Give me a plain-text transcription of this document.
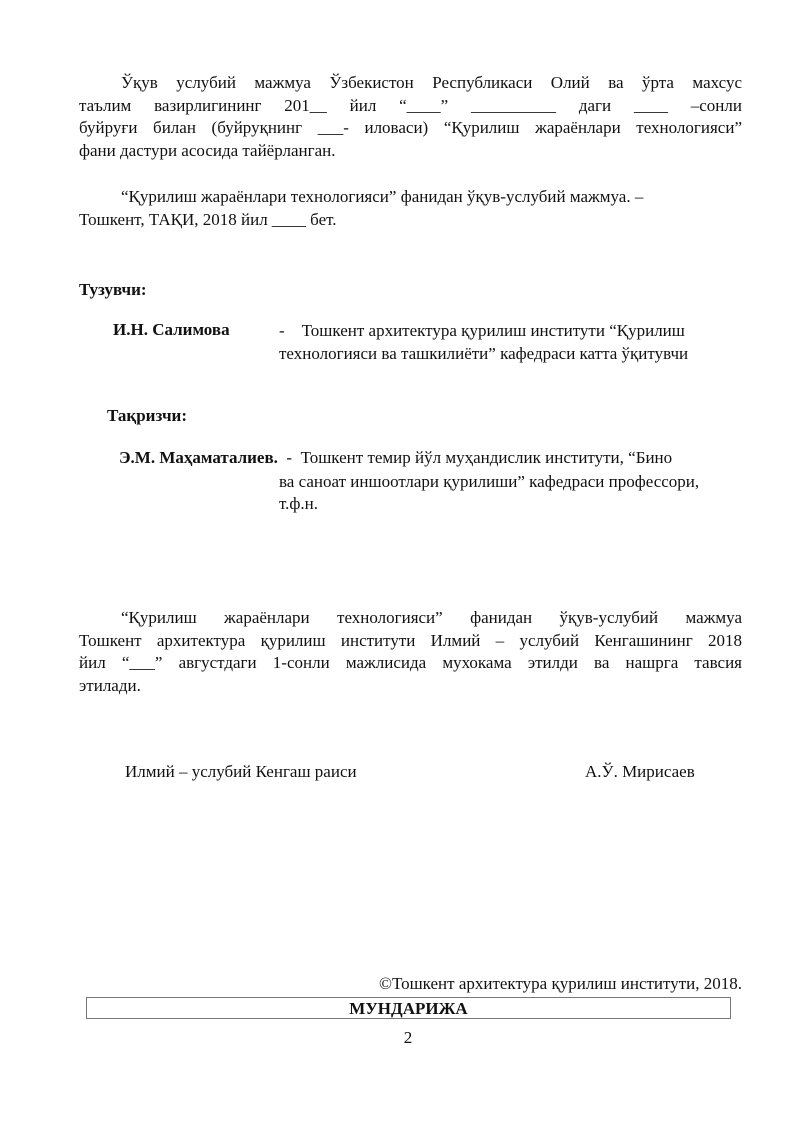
Ўқув услубий мажмуа Ўзбекистон Республикаси Олий ва ўрта махсус
таълим вазирлигининг 201__ йил “____” __________ даги ____ –сонли
буйруғи билан (буйруқнинг ___- иловаси) “Қурилиш жараёнлари технологияси”
фани дастури асосида тайёрланган.
“Қурилиш жараёнлари технологияси” фанидан ўқув-услубий мажмуа. –
Тошкент, ТАҚИ, 2018 йил ____ бет.
Тузувчи:
И.Н. Салимова	- Тошкент архитектура қурилиш институти “Қурилиш
технологияси ва ташкилиёти” кафедраси катта ўқитувчи
Тақризчи:
Э.М. Маҳаматалиев. - Тошкент темир йўл муҳандислик институти, “Бино

ва саноат иншоотлари қурилиши” кафедраси профессори,
т.ф.н.
“Қурилиш жараёнлари технологияси” фанидан ўқув-услубий мажмуа
Тошкент архитектура қурилиш институти Илмий – услубий Кенгашининг 2018
йил “___” августдаги 1-сонли мажлисида мухокама этилди ва нашрга тавсия
этилади.
Илмий – услубий Кенгаш раиси	А.Ў. Мирисаев
©Тошкент архитектура қурилиш институти, 2018.
МУНДАРИЖА
2
